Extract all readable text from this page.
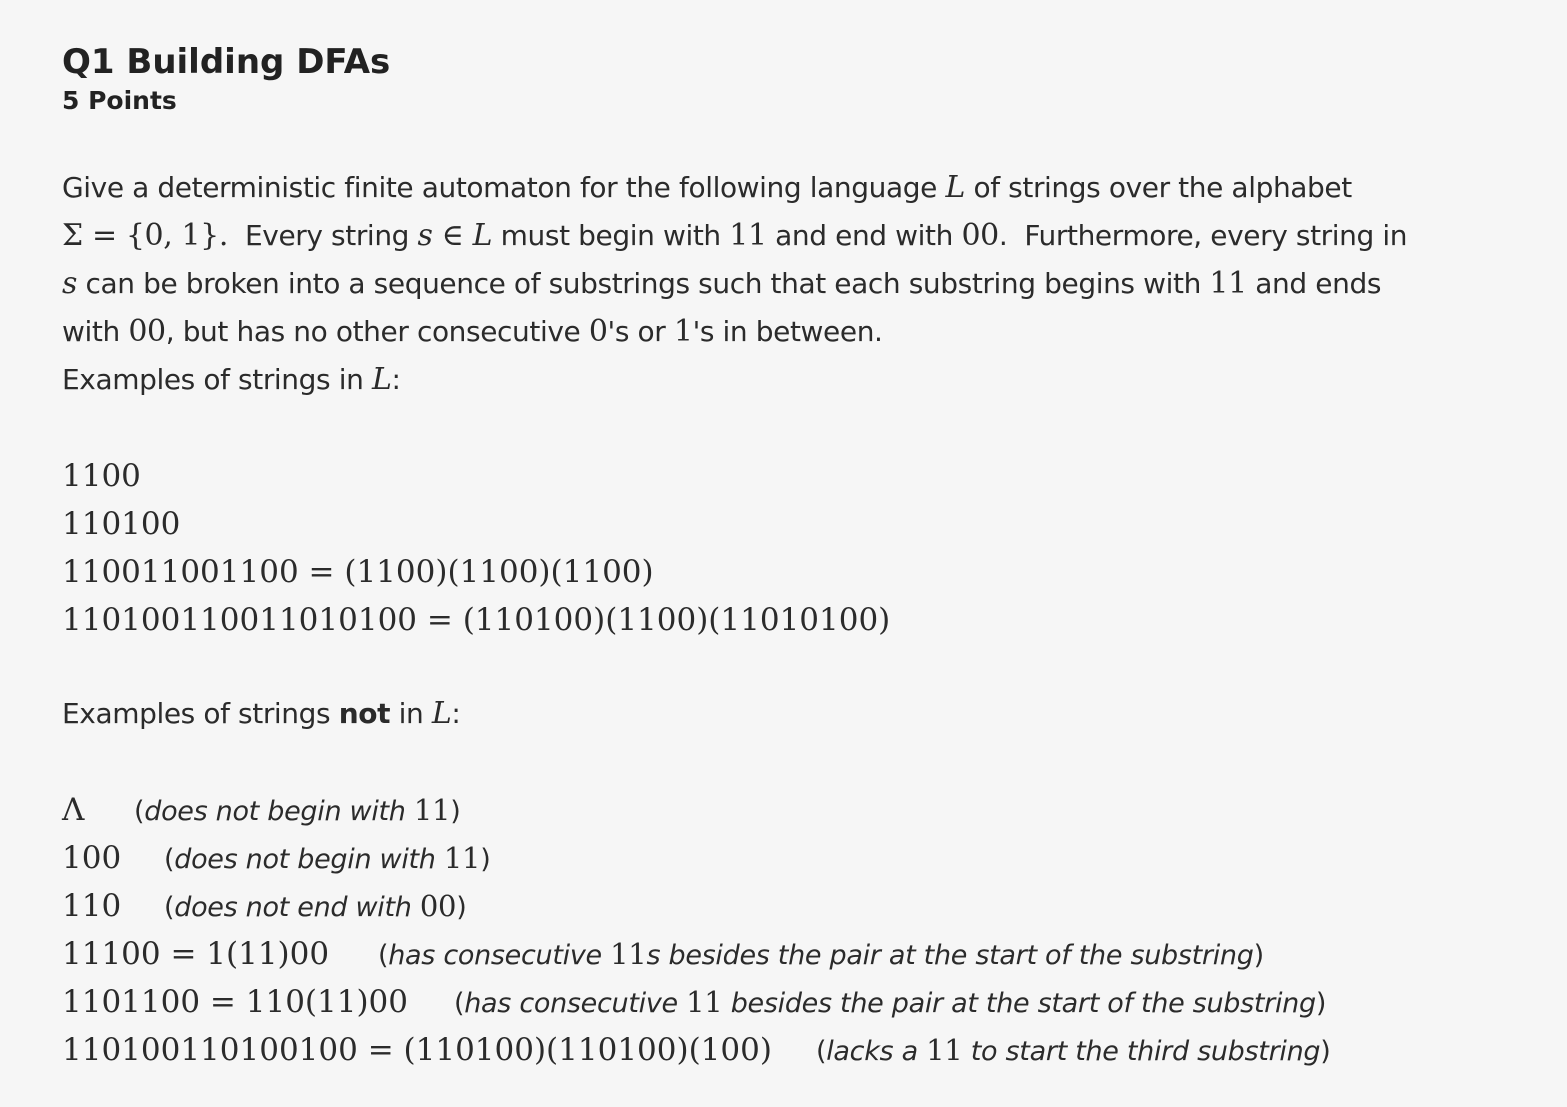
Q1 Building DFAs
5 Points

Give a deterministic finite automaton for the following language L of strings over the alphabet

Σ = {0, 1}.  Every string s ∈ L must begin with 11 and end with 00.  Furthermore, every string in

s can be broken into a sequence of substrings such that each substring begins with 11 and ends

with 00, but has no other consecutive 0's or 1's in between.

Examples of strings in L:

1100
110100
110011001100 = (1100)(1100)(1100)
110100110011010100 = (110100)(1100)(11010100)
Examples of strings not in L:
Λ (does not begin with 11)
100 (does not begin with 11)
110 (does not end with 00)
11100 = 1(11)00 (has consecutive 11s besides the pair at the start of the substring)
1101100 = 110(11)00 (has consecutive 11 besides the pair at the start of the substring)
110100110100100 = (110100)(110100)(100) (lacks a 11 to start the third substring)
